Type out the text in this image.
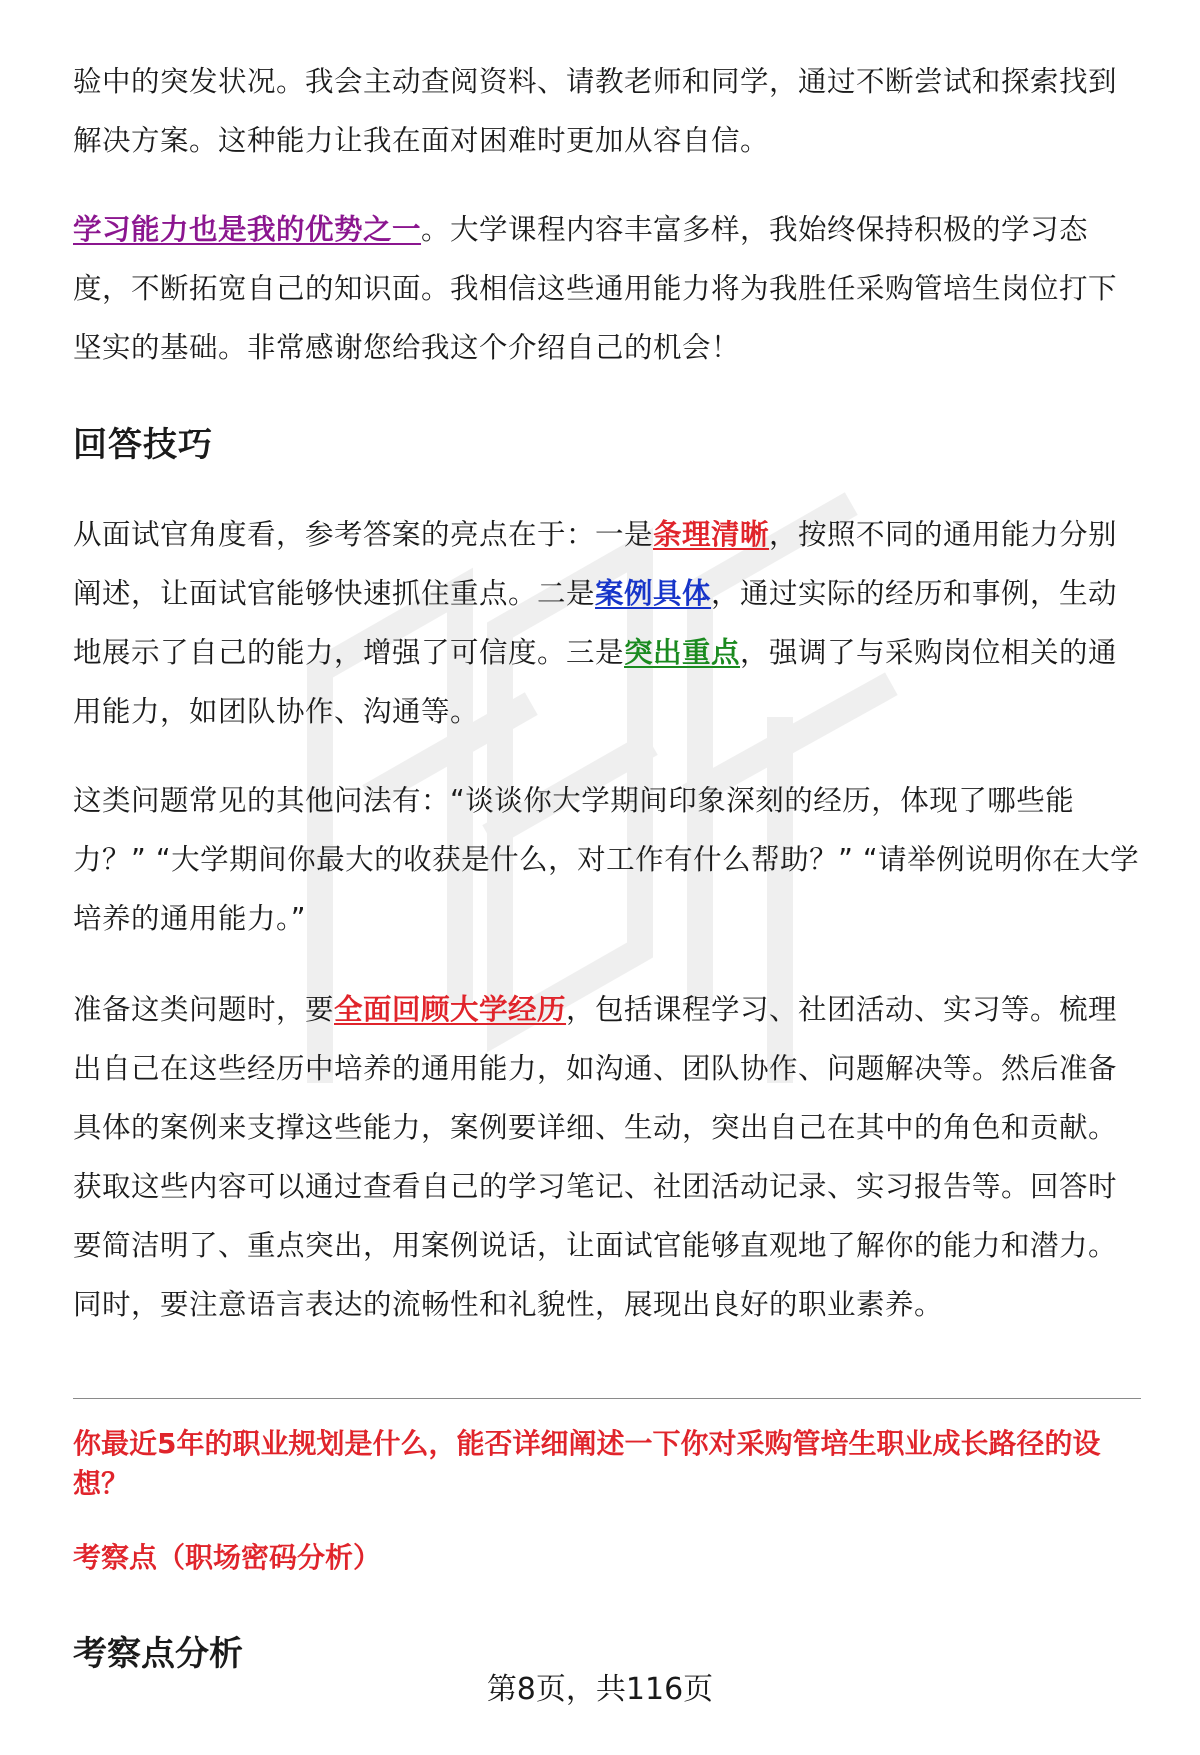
验中的突发状况。我会主动查阅资料、请教老师和同学，通过不断尝试和探索找到解决方案。这种能力让我在面对困难时更加从容自信。

学习能力也是我的优势之一。大学课程内容丰富多样，我始终保持积极的学习态度，不断拓宽自己的知识面。我相信这些通用能力将为我胜任采购管培生岗位打下坚实的基础。非常感谢您给我这个介绍自己的机会！

回答技巧

从面试官角度看，参考答案的亮点在于：一是条理清晰，按照不同的通用能力分别阐述，让面试官能够快速抓住重点。二是案例具体，通过实际的经历和事例，生动地展示了自己的能力，增强了可信度。三是突出重点，强调了与采购岗位相关的通用能力，如团队协作、沟通等。

这类问题常见的其他问法有：“谈谈你大学期间印象深刻的经历，体现了哪些能力？” “大学期间你最大的收获是什么，对工作有什么帮助？” “请举例说明你在大学培养的通用能力。”

准备这类问题时，要全面回顾大学经历，包括课程学习、社团活动、实习等。梳理出自己在这些经历中培养的通用能力，如沟通、团队协作、问题解决等。然后准备具体的案例来支撑这些能力，案例要详细、生动，突出自己在其中的角色和贡献。获取这些内容可以通过查看自己的学习笔记、社团活动记录、实习报告等。回答时要简洁明了、重点突出，用案例说话，让面试官能够直观地了解你的能力和潜力。同时，要注意语言表达的流畅性和礼貌性，展现出良好的职业素养。

你最近5年的职业规划是什么，能否详细阐述一下你对采购管培生职业成长路径的设想？

考察点（职场密码分析）

考察点分析
第8页，共116页
